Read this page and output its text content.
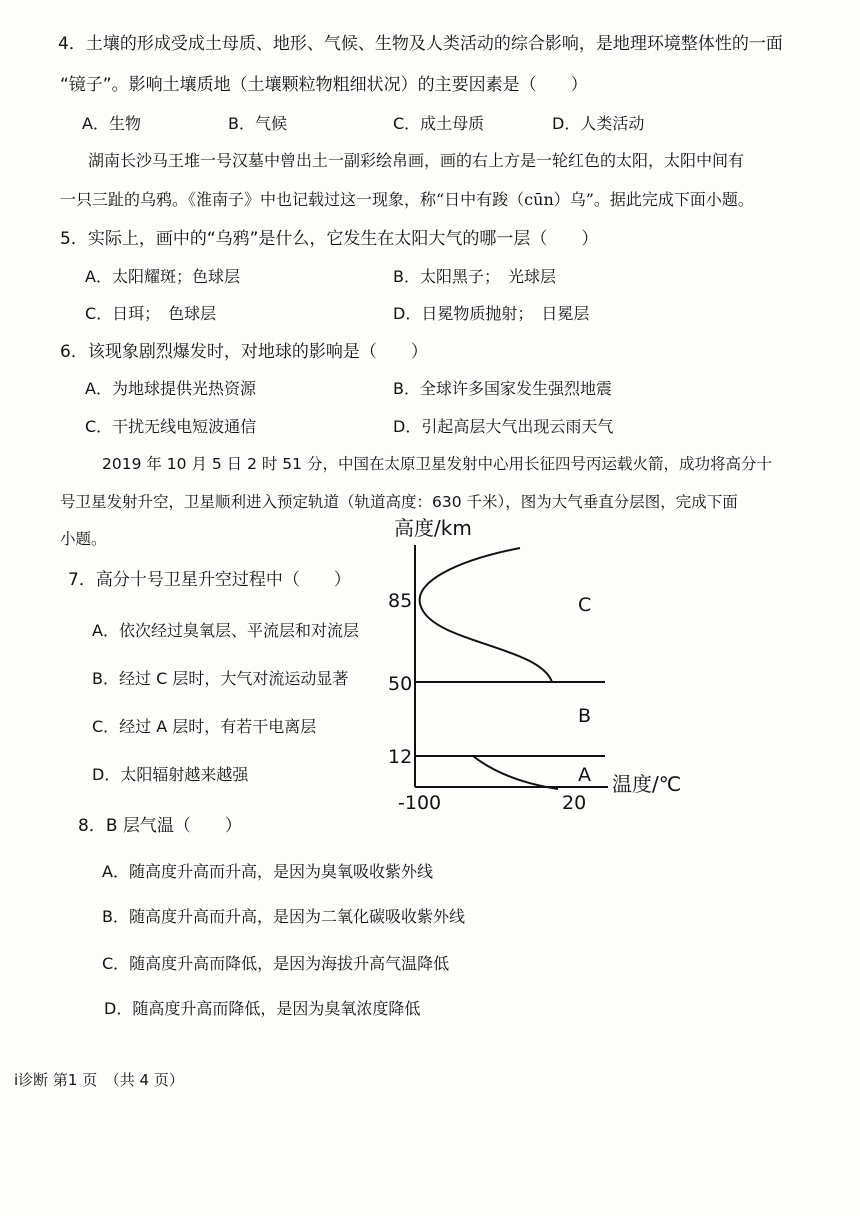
4．土壤的形成受成土母质、地形、气候、生物及人类活动的综合影响，是地理环境整体性的一面
“镜子”。影响土壤质地（土壤颗粒物粗细状况）的主要因素是（　　）
A．生物	B．气候	C．成土母质	D．人类活动
湖南长沙马王堆一号汉墓中曾出土一副彩绘帛画，画的右上方是一轮红色的太阳，太阳中间有
一只三趾的乌鸦。《淮南子》中也记载过这一现象，称“日中有踆（cūn）乌”。据此完成下面小题。
5．实际上，画中的“乌鸦”是什么，它发生在太阳大气的哪一层（　　）
A．太阳耀斑；色球层	B．太阳黑子；　光球层
C．日珥；　色球层	D．日冕物质抛射；　日冕层
6．该现象剧烈爆发时，对地球的影响是（　　）
A．为地球提供光热资源	B．全球许多国家发生强烈地震
C．干扰无线电短波通信	D．引起高层大气出现云雨天气
2019 年 10 月 5 日 2 时 51 分，中国在太原卫星发射中心用长征四号丙运载火箭，成功将高分十
号卫星发射升空，卫星顺利进入预定轨道（轨道高度：630 千米），图为大气垂直分层图，完成下面
小题。
7．高分十号卫星升空过程中（　　）
A．依次经过臭氧层、平流层和对流层
B．经过 C 层时，大气对流运动显著
C．经过 A 层时，有若干电离层
D．太阳辐射越来越强
高度/km
85
50
12
C
B
A 温度/℃
-100	20
8．B 层气温（　　）
A．随高度升高而升高，是因为臭氧吸收紫外线
B．随高度升高而升高，是因为二氧化碳吸收紫外线
C．随高度升高而降低，是因为海拔升高气温降低
D．随高度升高而降低，是因为臭氧浓度降低
i诊断 第1 页　（共 4 页）
